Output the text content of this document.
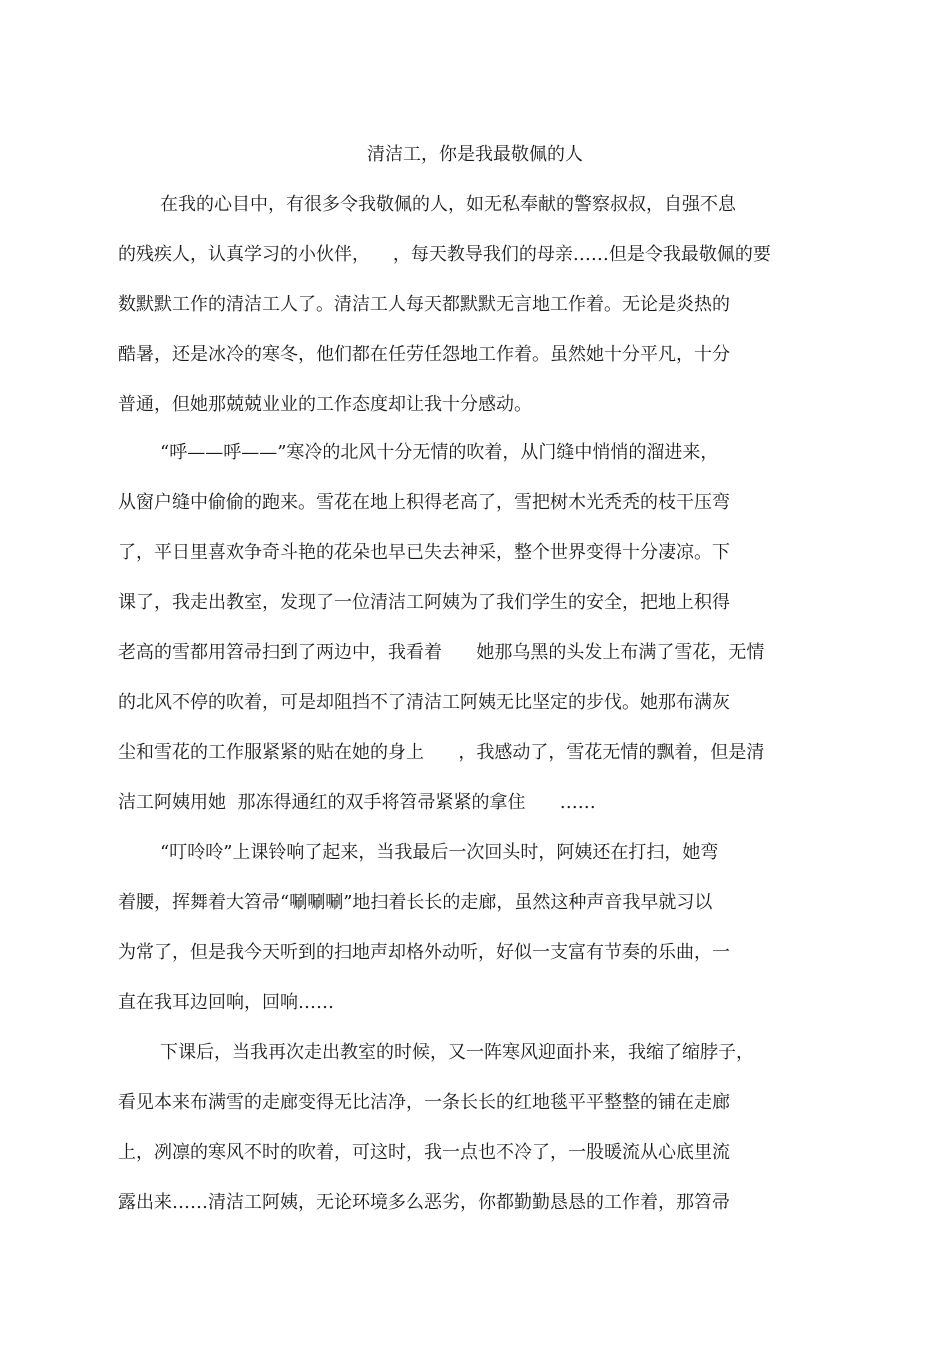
清洁工，你是我最敬佩的人
在我的心目中，有很多令我敬佩的人，如无私奉献的警察叔叔，自强不息
的残疾人，认真学习的小伙伴，    ，每天教导我们的母亲……但是令我最敬佩的要
数默默工作的清洁工人了。清洁工人每天都默默无言地工作着。无论是炎热的
酷暑，还是冰冷的寒冬，他们都在任劳任怨地工作着。虽然她十分平凡，十分
普通，但她那兢兢业业的工作态度却让我十分感动。
“呼——呼——”寒冷的北风十分无情的吹着，从门缝中悄悄的溜进来，
从窗户缝中偷偷的跑来。雪花在地上积得老高了，雪把树木光秃秃的枝干压弯
了，平日里喜欢争奇斗艳的花朵也早已失去神采，整个世界变得十分凄凉。下
课了，我走出教室，发现了一位清洁工阿姨为了我们学生的安全，把地上积得
老高的雪都用笤帚扫到了两边中，我看着      她那乌黑的头发上布满了雪花，无情
的北风不停的吹着，可是却阻挡不了清洁工阿姨无比坚定的步伐。她那布满灰
尘和雪花的工作服紧紧的贴在她的身上      ，我感动了，雪花无情的飘着，但是清
洁工阿姨用她  那冻得通红的双手将笤帚紧紧的拿住      ……
“叮呤呤”上课铃响了起来，当我最后一次回头时，阿姨还在打扫，她弯
着腰，挥舞着大笤帚“唰唰唰”地扫着长长的走廊，虽然这种声音我早就习以
为常了，但是我今天听到的扫地声却格外动听，好似一支富有节奏的乐曲，一
直在我耳边回响，回响……
下课后，当我再次走出教室的时候，又一阵寒风迎面扑来，我缩了缩脖子，
看见本来布满雪的走廊变得无比洁净，一条长长的红地毯平平整整的铺在走廊
上，冽凛的寒风不时的吹着，可这时，我一点也不冷了，一股暖流从心底里流
露出来……清洁工阿姨，无论环境多么恶劣，你都勤勤恳恳的工作着，那笤帚
